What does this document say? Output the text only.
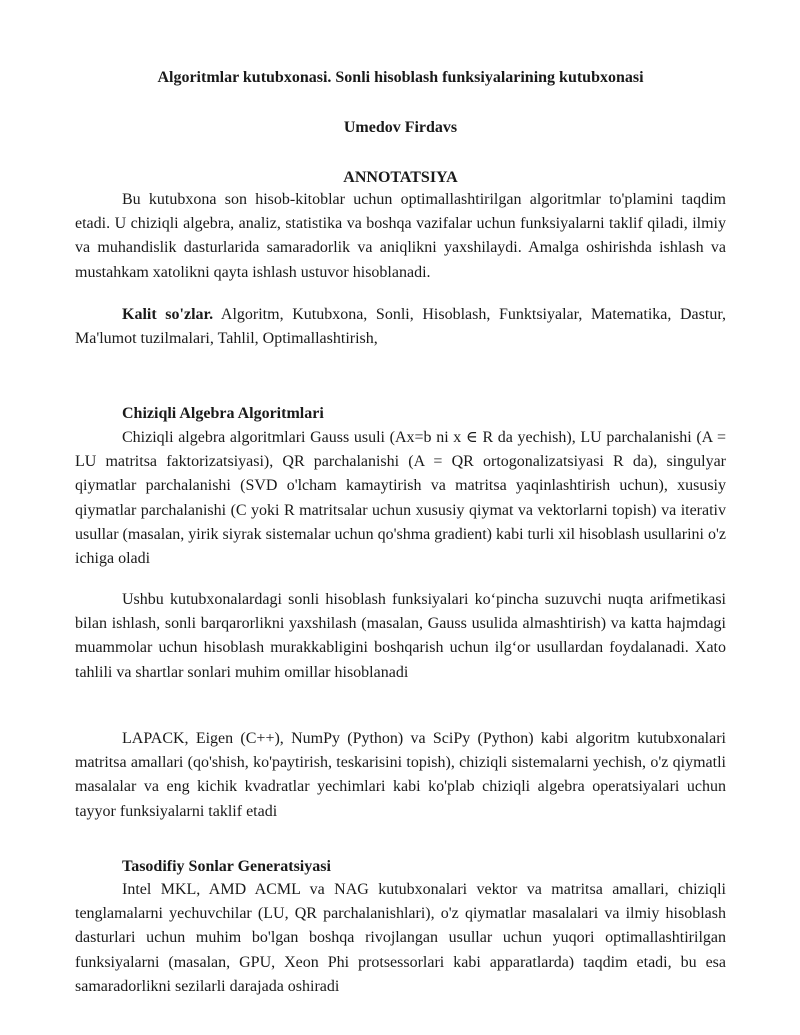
Algoritmlar kutubxonasi. Sonli hisoblash funksiyalarining kutubxonasi

Umedov Firdavs

ANNOTATSIYA

Bu kutubxona son hisob-kitoblar uchun optimallashtirilgan algoritmlar to'plamini taqdim etadi. U chiziqli algebra, analiz, statistika va boshqa vazifalar uchun funksiyalarni taklif qiladi, ilmiy va muhandislik dasturlarida samaradorlik va aniqlikni yaxshilaydi. Amalga oshirishda ishlash va mustahkam xatolikni qayta ishlash ustuvor hisoblanadi.

Kalit so'zlar. Algoritm, Kutubxona, Sonli, Hisoblash, Funktsiyalar, Matematika, Dastur, Ma'lumot tuzilmalari, Tahlil, Optimallashtirish,

Chiziqli Algebra Algoritmlari

Chiziqli algebra algoritmlari Gauss usuli (Ax=b ni x ∈ R da yechish), LU parchalanishi (A = LU matritsa faktorizatsiyasi), QR parchalanishi (A = QR ortogonalizatsiyasi R da), singulyar qiymatlar parchalanishi (SVD o'lcham kamaytirish va matritsa yaqinlashtirish uchun), xususiy qiymatlar parchalanishi (C yoki R matritsalar uchun xususiy qiymat va vektorlarni topish) va iterativ usullar (masalan, yirik siyrak sistemalar uchun qo'shma gradient) kabi turli xil hisoblash usullarini o'z ichiga oladi

Ushbu kutubxonalardagi sonli hisoblash funksiyalari ko‘pincha suzuvchi nuqta arifmetikasi bilan ishlash, sonli barqarorlikni yaxshilash (masalan, Gauss usulida almashtirish) va katta hajmdagi muammolar uchun hisoblash murakkabligini boshqarish uchun ilg‘or usullardan foydalanadi. Xato tahlili va shartlar sonlari muhim omillar hisoblanadi

LAPACK, Eigen (C++), NumPy (Python) va SciPy (Python) kabi algoritm kutubxonalari matritsa amallari (qo'shish, ko'paytirish, teskarisini topish), chiziqli sistemalarni yechish, o'z qiymatli masalalar va eng kichik kvadratlar yechimlari kabi ko'plab chiziqli algebra operatsiyalari uchun tayyor funksiyalarni taklif etadi

Tasodifiy Sonlar Generatsiyasi

Intel MKL, AMD ACML va NAG kutubxonalari vektor va matritsa amallari, chiziqli tenglamalarni yechuvchilar (LU, QR parchalanishlari), o'z qiymatlar masalalari va ilmiy hisoblash dasturlari uchun muhim bo'lgan boshqa rivojlangan usullar uchun yuqori optimallashtirilgan funksiyalarni (masalan, GPU, Xeon Phi protsessorlari kabi apparatlarda) taqdim etadi, bu esa samaradorlikni sezilarli darajada oshiradi
